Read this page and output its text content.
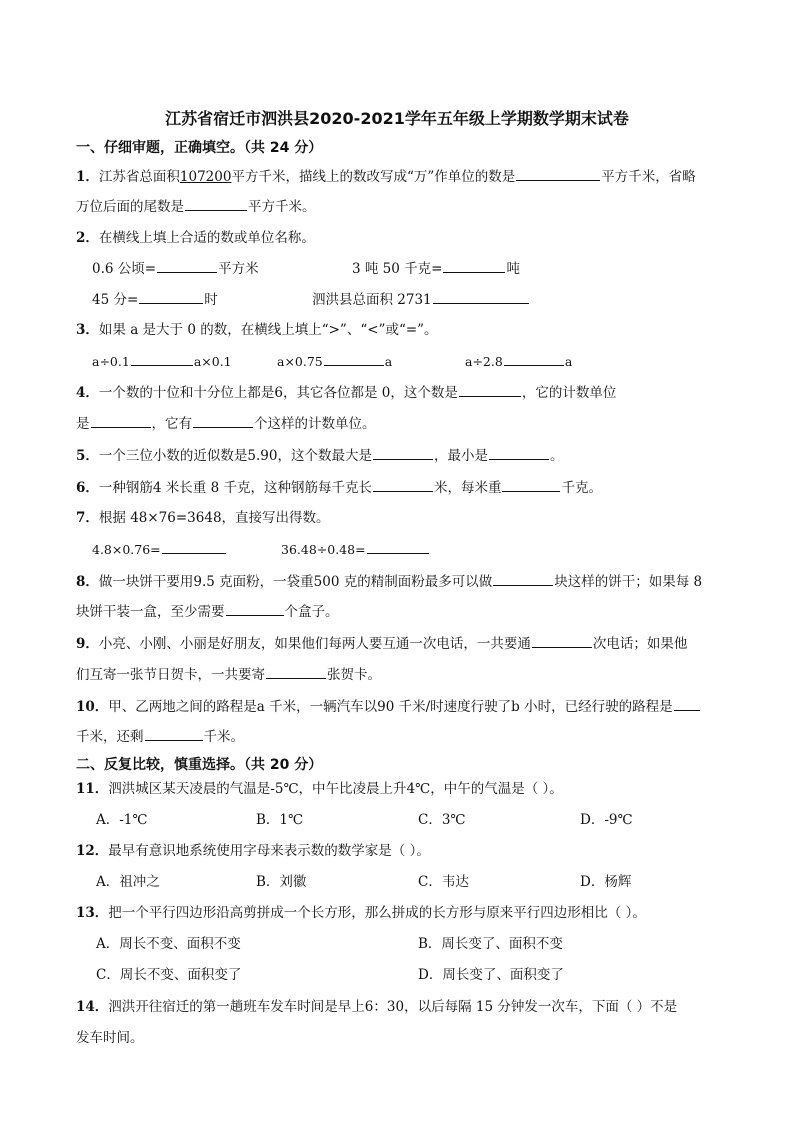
江苏省宿迁市泗洪县2020-2021学年五年级上学期数学期末试卷
一、仔细审题，正确填空。（共 24 分）
1．江苏省总面积107200平方千米，描线上的数改写成“万”作单位的数是	平方千米，省略
万位后面的尾数是	平方千米。
2．在横线上填上合适的数或单位名称。
0.6 公顷=	平方米	3 吨 50 千克=	吨
45 分=	时	泗洪县总面积 2731
3．如果 a 是大于 0 的数，在横线上填上“>”、“<”或“=”。
a÷0.1	a×0.1	a×0.75	a	a÷2.8	a
4．一个数的十位和十分位上都是6，其它各位都是 0，这个数是	，它的计数单位
是	，它有	个这样的计数单位。
5．一个三位小数的近似数是5.90，这个数最大是	，最小是	。
6．一种钢筋4 米长重 8 千克，这种钢筋每千克长	米，每米重	千克。
7．根据 48×76=3648，直接写出得数。
4.8×0.76=	36.48÷0.48=
8．做一块饼干要用9.5 克面粉，一袋重500 克的精制面粉最多可以做	块这样的饼干；如果每 8
块饼干装一盒，至少需要	个盒子。
9．小亮、小刚、小丽是好朋友，如果他们每两人要互通一次电话，一共要通	次电话；如果他
们互寄一张节日贺卡，一共要寄	张贺卡。
10．甲、乙两地之间的路程是a 千米，一辆汽车以90 千米/时速度行驶了b 小时，已经行驶的路程是
千米，还剩	千米。
二、反复比较，慎重选择。（共 20 分）
11．泗洪城区某天凌晨的气温是-5℃，中午比凌晨上升4℃，中午的气温是（ ）。
A．-1℃	B．1℃	C．3℃	D．-9℃
12．最早有意识地系统使用字母来表示数的数学家是（ ）。
A．祖冲之	B．刘徽	C．韦达	D．杨辉
13．把一个平行四边形沿高剪拼成一个长方形，那么拼成的长方形与原来平行四边形相比（ ）。
A．周长不变、面积不变	B．周长变了、面积不变
C．周长不变、面积变了	D．周长变了、面积变了
14．泗洪开往宿迁的第一趟班车发车时间是早上6：30，以后每隔 15 分钟发一次车，下面（ ）不是
发车时间。
